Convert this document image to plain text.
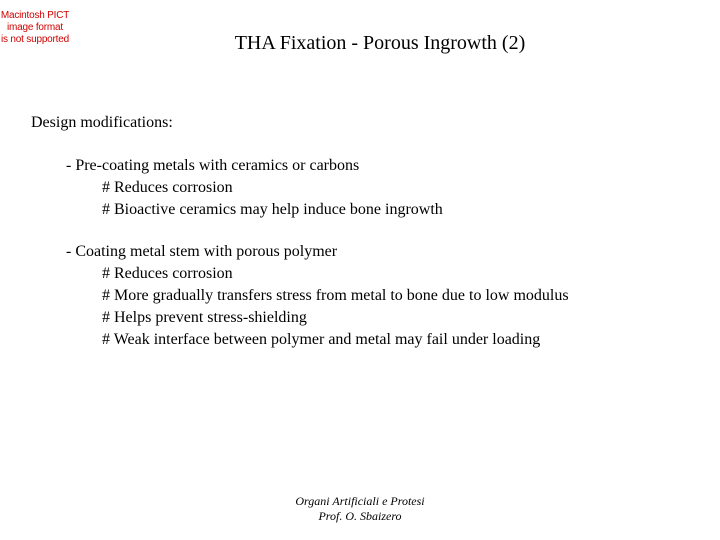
Macintosh PICT
image format
is not supported	THA Fixation - Porous Ingrowth (2)
Design modifications:
- Pre-coating metals with ceramics or carbons
# Reduces corrosion
# Bioactive ceramics may help induce bone ingrowth
- Coating metal stem with porous polymer
# Reduces corrosion
# More gradually transfers stress from metal to bone due to low modulus
# Helps prevent stress-shielding
# Weak interface between polymer and metal may fail under loading
Organi Artificiali e Protesi
Prof. O. Sbaizero
